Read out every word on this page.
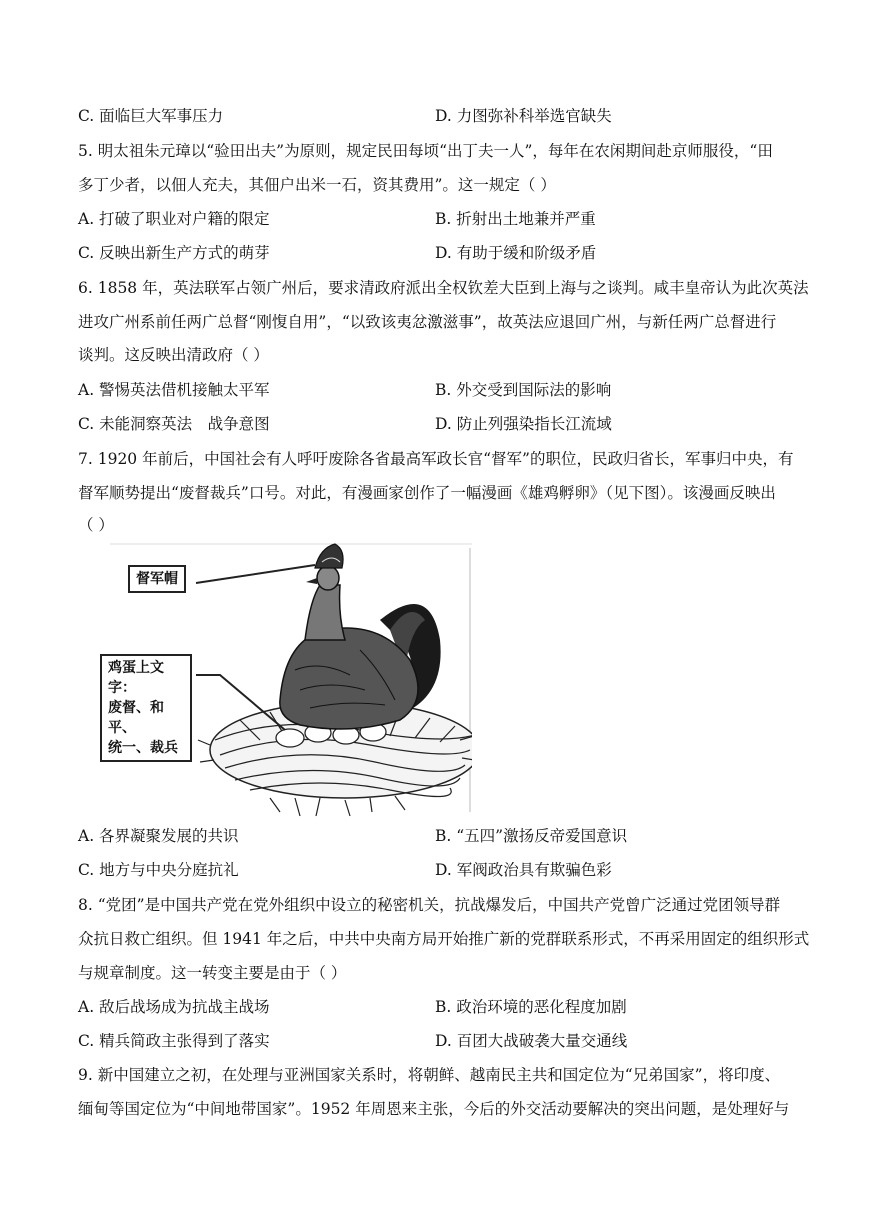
C. 面临巨大军事压力	D. 力图弥补科举选官缺失
5. 明太祖朱元璋以“验田出夫”为原则，规定民田每顷“出丁夫一人”，每年在农闲期间赴京师服役，“田
多丁少者，以佃人充夫，其佃户出米一石，资其费用”。这一规定（ ）
A. 打破了职业对户籍的限定	B. 折射出土地兼并严重
C. 反映出新生产方式的萌芽	D. 有助于缓和阶级矛盾
6. 1858 年，英法联军占领广州后，要求清政府派出全权钦差大臣到上海与之谈判。咸丰皇帝认为此次英法
进攻广州系前任两广总督“刚愎自用”，“以致该夷忿激滋事”，故英法应退回广州，与新任两广总督进行
谈判。这反映出清政府（ ）
A. 警惕英法借机接触太平军	B. 外交受到国际法的影响
C. 未能洞察英法　战争意图	D. 防止列强染指长江流域
7. 1920 年前后，中国社会有人呼吁废除各省最高军政长官“督军”的职位，民政归省长，军事归中央，有
督军顺势提出“废督裁兵”口号。对此，有漫画家创作了一幅漫画《雄鸡孵卵》（见下图）。该漫画反映出
（ ）
督军帽
鸡蛋上文字：
废督、和平、
统一、裁兵
A. 各界凝聚发展的共识	B. “五四”激扬反帝爱国意识
C. 地方与中央分庭抗礼	D. 军阀政治具有欺骗色彩
8. “党团”是中国共产党在党外组织中设立的秘密机关，抗战爆发后，中国共产党曾广泛通过党团领导群
众抗日救亡组织。但 1941 年之后，中共中央南方局开始推广新的党群联系形式，不再采用固定的组织形式
与规章制度。这一转变主要是由于（ ）
A. 敌后战场成为抗战主战场	B. 政治环境的恶化程度加剧
C. 精兵简政主张得到了落实	D. 百团大战破袭大量交通线
9. 新中国建立之初，在处理与亚洲国家关系时，将朝鲜、越南民主共和国定位为“兄弟国家”，将印度、
缅甸等国定位为“中间地带国家”。1952 年周恩来主张，今后的外交活动要解决的突出问题，是处理好与
